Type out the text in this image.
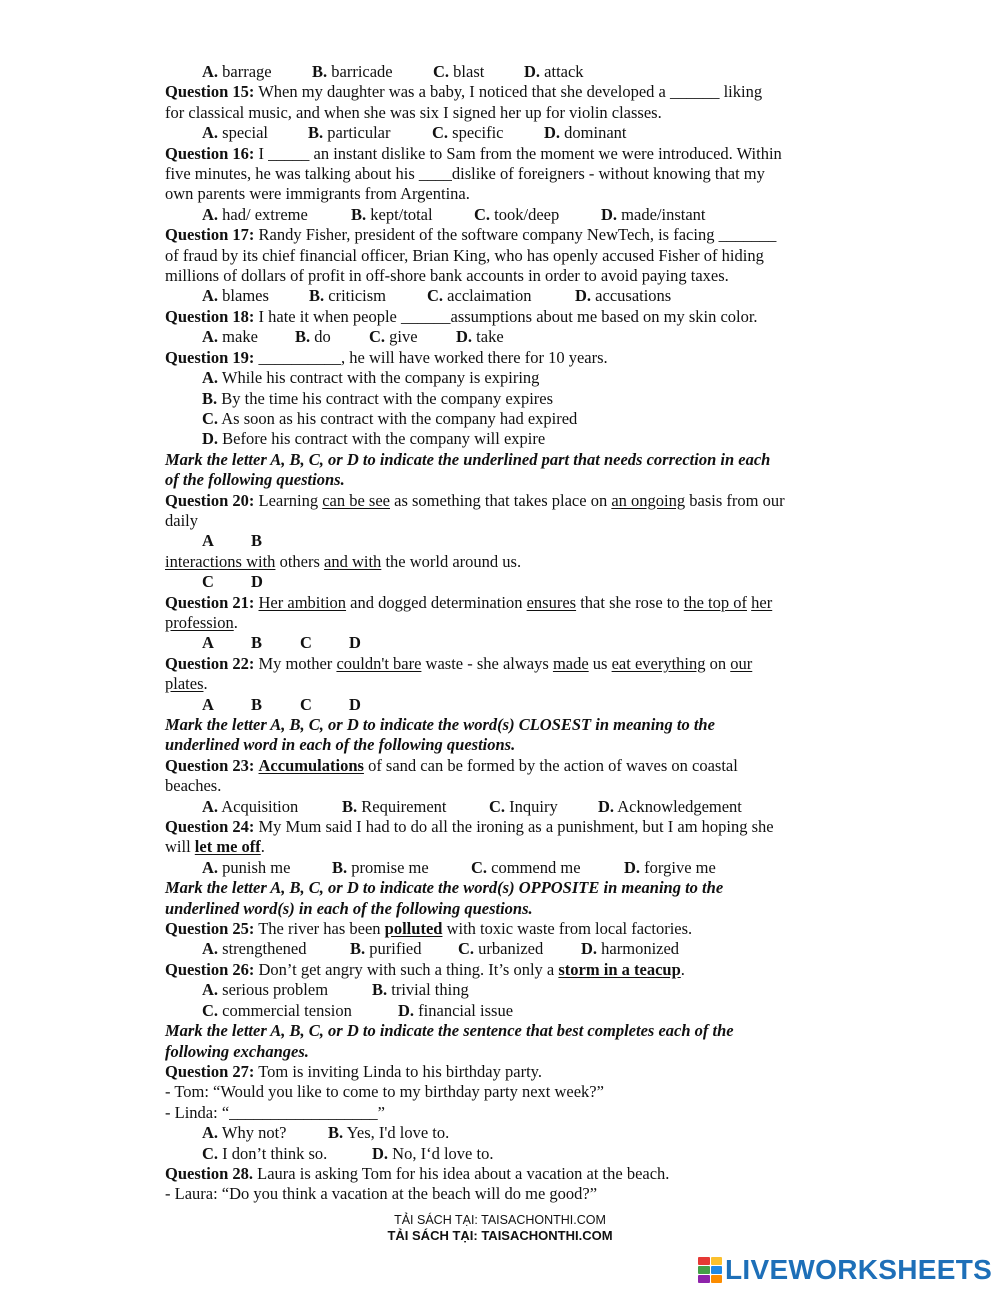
A. barrage B. barricade C. blast D. attack
Question 15: When my daughter was a baby, I noticed that she developed a ______ liking
for classical music, and when she was six I signed her up for violin classes.
A. special B. particular	C. specific D. dominant
Question 16: I _____ an instant dislike to Sam from the moment we were introduced. Within
five minutes, he was talking about his ____dislike of foreigners - without knowing that my
own parents were immigrants from Argentina.
A. had/ extreme	B. kept/total	C. took/deep	D. made/instant
Question 17: Randy Fisher, president of the software company NewTech, is facing _______
of fraud by its chief financial officer, Brian King, who has openly accused Fisher of hiding
millions of dollars of profit in off-shore bank accounts in order to avoid paying taxes.
A. blames B. criticism C. acclaimation	D. accusations
Question 18: I hate it when people ______assumptions about me based on my skin color.
A. make B. do C. give D. take
Question 19: __________, he will have worked there for 10 years.
A. While his contract with the company is expiring
B. By the time his contract with the company expires
C. As soon as his contract with the company had expired
D. Before his contract with the company will expire
Mark the letter A, B, C, or D to indicate the underlined part that needs correction in each
of the following questions.
Question 20: Learning can be see as something that takes place on an ongoing basis from our
daily
A B
interactions with others and with the world around us.
C D
Question 21: Her ambition and dogged determination ensures that she rose to the top of her
profession.
A B C D
Question 22: My mother couldn't bare waste - she always made us eat everything on our
plates.
A B C D
Mark the letter A, B, C, or D to indicate the word(s) CLOSEST in meaning to the
underlined word in each of the following questions.
Question 23: Accumulations of sand can be formed by the action of waves on coastal
beaches.
A. Acquisition	B. Requirement	C. Inquiry D. Acknowledgement
Question 24: My Mum said I had to do all the ironing as a punishment, but I am hoping she
will let me off.
A. punish me	B. promise me	C. commend me	D. forgive me
Mark the letter A, B, C, or D to indicate the word(s) OPPOSITE in meaning to the
underlined word(s) in each of the following questions.
Question 25: The river has been polluted with toxic waste from local factories.
A. strengthened	B. purified C. urbanized D. harmonized
Question 26: Don’t get angry with such a thing. It’s only a storm in a teacup.
A. serious problem	B. trivial thing
C. commercial tension	D. financial issue
Mark the letter A, B, C, or D to indicate the sentence that best completes each of the
following exchanges.
Question 27: Tom is inviting Linda to his birthday party.
- Tom: “Would you like to come to my birthday party next week?”
- Linda: “__________________”
A. Why not?	B. Yes, I'd love to.
C. I don’t think so.	D. No, I‘d love to.
Question 28. Laura is asking Tom for his idea about a vacation at the beach.
- Laura: “Do you think a vacation at the beach will do me good?”
TẢI SÁCH TẠI: TAISACHONTHI.COM
TẢI SÁCH TẠI: TAISACHONTHI.COM
LIVEWORKSHEETS
